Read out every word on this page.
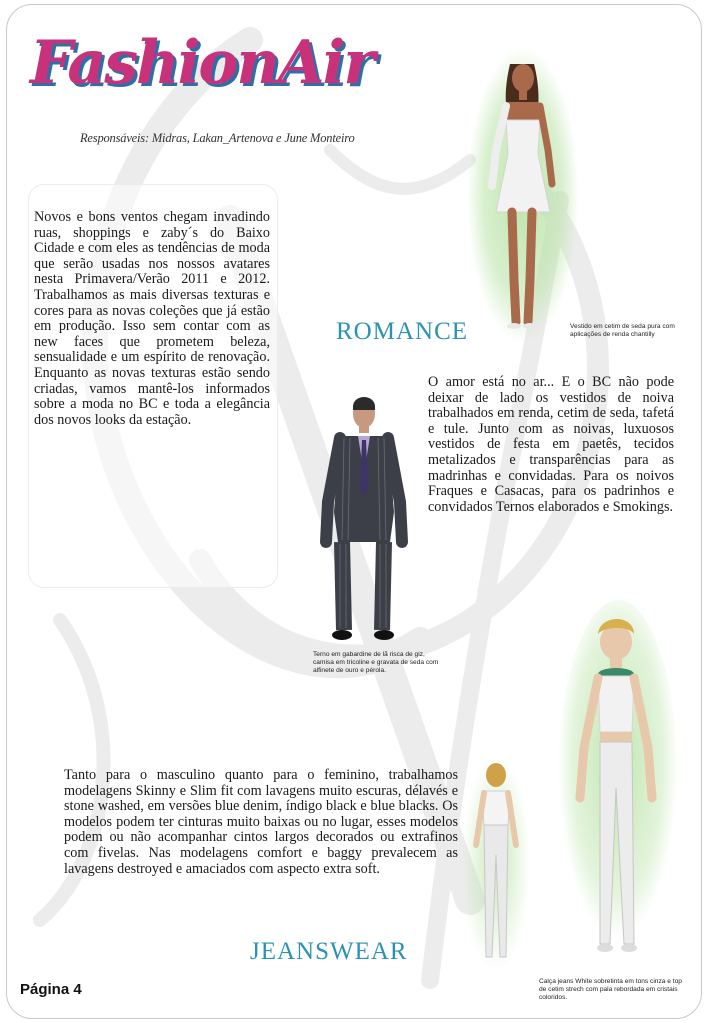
FashionAir
Responsáveis: Midras, Lakan_Artenova e June Monteiro

Novos e bons ventos chegam invadindo ruas, shoppings e zaby´s do Baixo Cidade e com eles as tendências de moda que serão usadas nos nossos avatares nesta Primavera/Verão 2011 e 2012. Trabalhamos as mais diversas texturas e cores para as novas coleções que já estão em produção. Isso sem contar com as new faces que prometem beleza, sensualidade e um espírito de renovação. Enquanto as novas texturas estão sendo criadas, vamos mantê-los informados sobre a moda no BC e toda a elegância dos novos looks da estação.

Vestido em cetim de seda pura com aplicações de renda chantilly
ROMANCE

O amor está no ar... E o BC não pode deixar de lado os vestidos de noiva trabalhados em renda, cetim de seda, tafetá e tule. Junto com as noivas, luxuosos vestidos de festa em paetês, tecidos metalizados e transparências para as madrinhas e convidadas. Para os noivos Fraques e Casacas, para os padrinhos e convidados Ternos elaborados e Smokings.

Terno em gabardine de lã risca de giz, camisa em tricoline e gravata de seda com alfinete de ouro e pérola.

Tanto para o masculino quanto para o feminino, trabalhamos modelagens Skinny e Slim fit com lavagens muito escuras, délavés e stone washed, em versões blue denim, índigo black e blue blacks. Os modelos podem ter cinturas muito baixas ou no lugar, esses modelos podem ou não acompanhar cintos largos decorados ou extrafinos com fivelas. Nas modelagens comfort e baggy prevalecem as lavagens destroyed e amaciados com aspecto extra soft.

JEANSWEAR
Calça jeans White sobretinta em tons cinza e top de cetim strech com pala rebordada em cristais coloridos.
Página 4
